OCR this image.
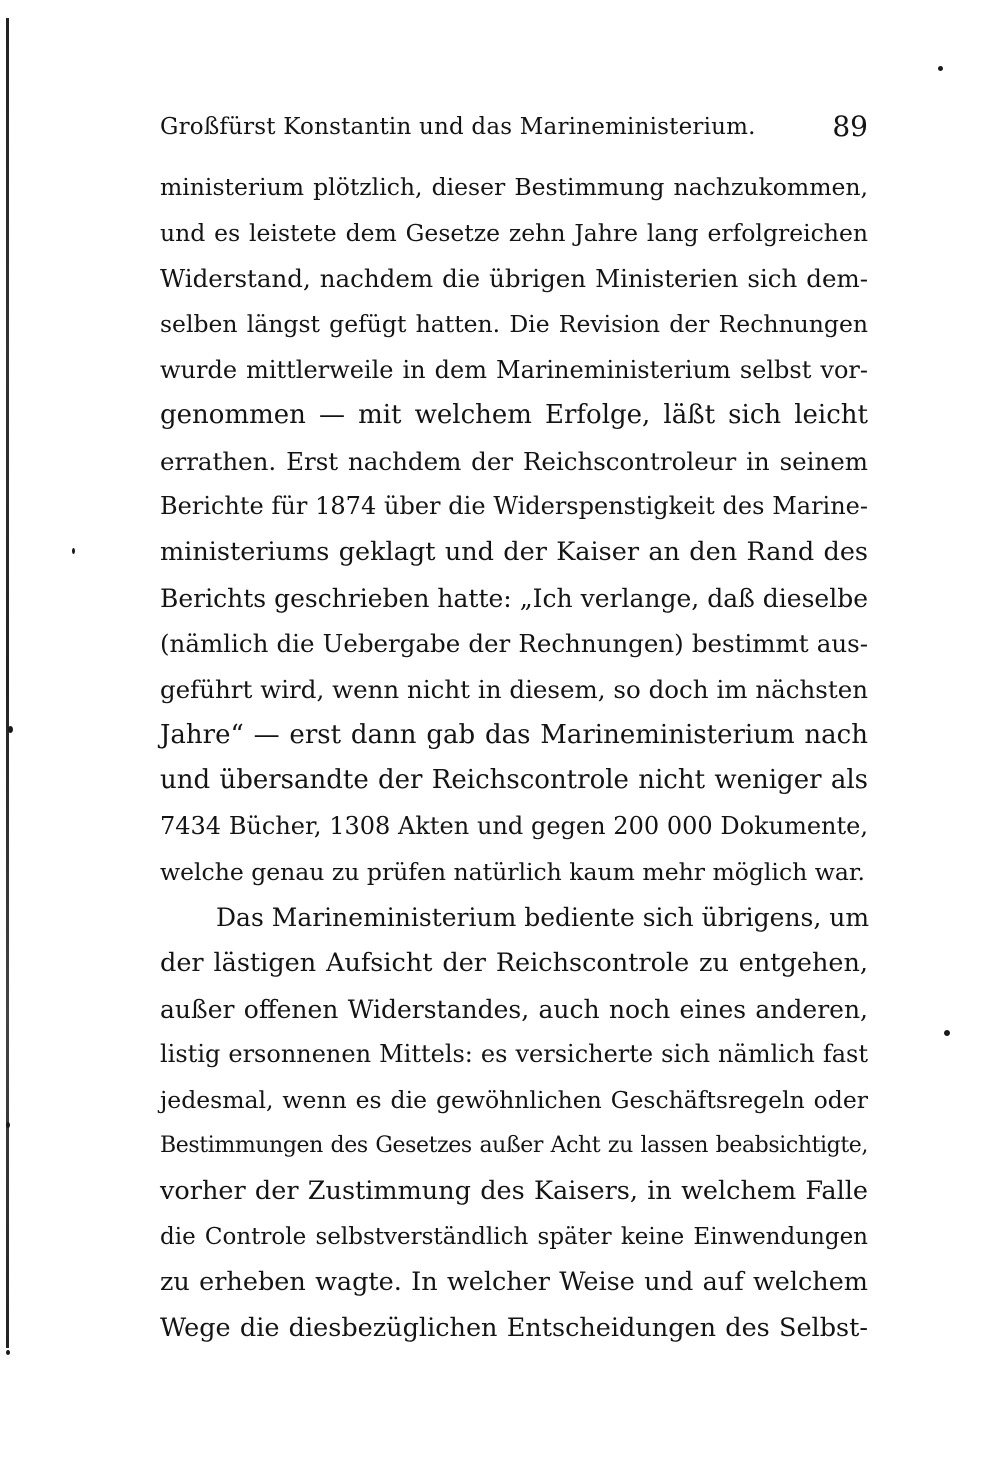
Großfürst Konstantin und das Marineministerium.	89
ministerium plötzlich, dieser Bestimmung nachzukommen,
und es leistete dem Gesetze zehn Jahre lang erfolgreichen
Widerstand, nachdem die übrigen Ministerien sich dem-
selben längst gefügt hatten. Die Revision der Rechnungen
wurde mittlerweile in dem Marineministerium selbst vor-
genommen — mit welchem Erfolge, läßt sich leicht
errathen. Erst nachdem der Reichscontroleur in seinem
Berichte für 1874 über die Widerspenstigkeit des Marine-
ministeriums geklagt und der Kaiser an den Rand des
Berichts geschrieben hatte: „Ich verlange, daß dieselbe
(nämlich die Uebergabe der Rechnungen) bestimmt aus-
geführt wird, wenn nicht in diesem, so doch im nächsten
Jahre“ — erst dann gab das Marineministerium nach
und übersandte der Reichscontrole nicht weniger als
7434 Bücher, 1308 Akten und gegen 200 000 Dokumente,
welche genau zu prüfen natürlich kaum mehr möglich war.
Das Marineministerium bediente sich übrigens, um
der lästigen Aufsicht der Reichscontrole zu entgehen,
außer offenen Widerstandes, auch noch eines anderen,
listig ersonnenen Mittels: es versicherte sich nämlich fast
jedesmal, wenn es die gewöhnlichen Geschäftsregeln oder
Bestimmungen des Gesetzes außer Acht zu lassen beabsichtigte,
vorher der Zustimmung des Kaisers, in welchem Falle
die Controle selbstverständlich später keine Einwendungen
zu erheben wagte. In welcher Weise und auf welchem
Wege die diesbezüglichen Entscheidungen des Selbst-
